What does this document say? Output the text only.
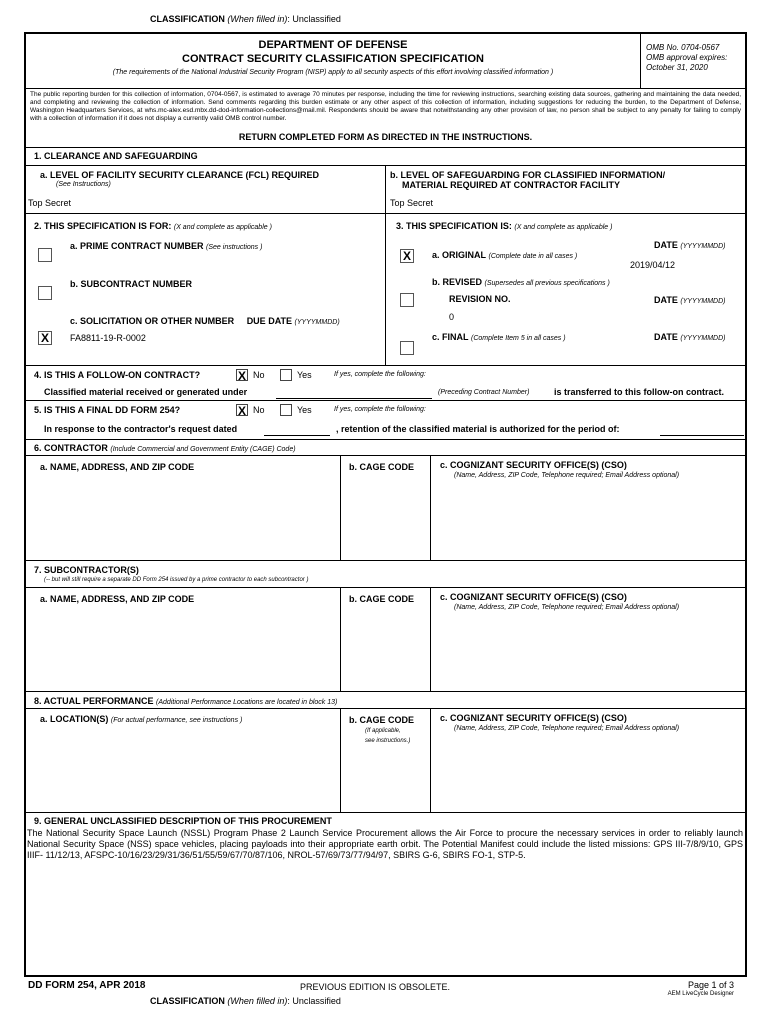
CLASSIFICATION (When filled in): Unclassified
DEPARTMENT OF DEFENSE
CONTRACT SECURITY CLASSIFICATION SPECIFICATION
(The requirements of the National Industrial Security Program (NISP) apply to all security aspects of this effort involving classified information )
OMB No. 0704-0567
OMB approval expires:
October 31, 2020
The public reporting burden for this collection of information, 0704-0567, is estimated to average 70 minutes per response, including the time for reviewing instructions, searching existing data sources, gathering and maintaining the data needed, and completing and reviewing the collection of information. Send comments regarding this burden estimate or any other aspect of this collection of information, including suggestions for reducing the burden, to the Department of Defense, Washington Headquarters Services, at whs.mc-alex.esd.mbx.dd-dod-information-collections@mail.mil. Respondents should be aware that notwithstanding any other provision of law, no person shall be subject to any penalty for failing to comply with a collection of information if it does not display a currently valid OMB control number.
RETURN COMPLETED FORM AS DIRECTED IN THE INSTRUCTIONS.
1. CLEARANCE AND SAFEGUARDING
a. LEVEL OF FACILITY SECURITY CLEARANCE (FCL) REQUIRED
(See Instructions)
Top Secret
b. LEVEL OF SAFEGUARDING FOR CLASSIFIED INFORMATION/
MATERIAL REQUIRED AT CONTRACTOR FACILITY
Top Secret
2. THIS SPECIFICATION IS FOR: (X and complete as applicable )
a. PRIME CONTRACT NUMBER (See instructions )
b. SUBCONTRACT NUMBER
c. SOLICITATION OR OTHER NUMBER DUE DATE (YYYYMMDD)
X	FA8811-19-R-0002
3. THIS SPECIFICATION IS: (X and complete as applicable )
DATE (YYYYMMDD)
X	a. ORIGINAL (Complete date in all cases )
2019/04/12
b. REVISED (Supersedes all previous specifications )
REVISION NO.	DATE (YYYYMMDD)
0
c. FINAL (Complete Item 5 in all cases )	DATE (YYYYMMDD)
4. IS THIS A FOLLOW-ON CONTRACT?	X No	Yes	If yes, complete the following:
Classified material received or generated under	(Preceding Contract Number)	is transferred to this follow-on contract.
5. IS THIS A FINAL DD FORM 254?	X No	Yes	If yes, complete the following:
In response to the contractor's request dated	, retention of the classified material is authorized for the period of:
6. CONTRACTOR (Include Commercial and Government Entity (CAGE) Code)
a. NAME, ADDRESS, AND ZIP CODE	b. CAGE CODE	c. COGNIZANT SECURITY OFFICE(S) (CSO)
(Name, Address, ZIP Code, Telephone required; Email Address optional)
7. SUBCONTRACTOR(S)
(-- but will still require a separate DD Form 254 issued by a prime contractor to each subcontractor )
a. NAME, ADDRESS, AND ZIP CODE	b. CAGE CODE	c. COGNIZANT SECURITY OFFICE(S) (CSO)
(Name, Address, ZIP Code, Telephone required; Email Address optional)
8. ACTUAL PERFORMANCE (Additional Performance Locations are located in block 13)
a. LOCATION(S) (For actual performance, see instructions )	b. CAGE CODE
(If applicable,
see instructions.)
c. COGNIZANT SECURITY OFFICE(S) (CSO)
(Name, Address, ZIP Code, Telephone required; Email Address optional)
9. GENERAL UNCLASSIFIED DESCRIPTION OF THIS PROCUREMENT
The National Security Space Launch (NSSL) Program Phase 2 Launch Service Procurement allows the Air Force to procure the necessary services in order to reliably launch National Security Space (NSS) space vehicles, placing payloads into their appropriate earth orbit. The Potential Manifest could include the listed missions: GPS III-7/8/9/10, GPS IIIF- 11/12/13, AFSPC-10/16/23/29/31/36/51/55/59/67/70/87/106, NROL-57/69/73/77/94/97, SBIRS G-6, SBIRS FO-1, STP-5.
DD FORM 254, APR 2018	PREVIOUS EDITION IS OBSOLETE.	Page 1 of 3
AEM LiveCycle Designer
CLASSIFICATION (When filled in): Unclassified
